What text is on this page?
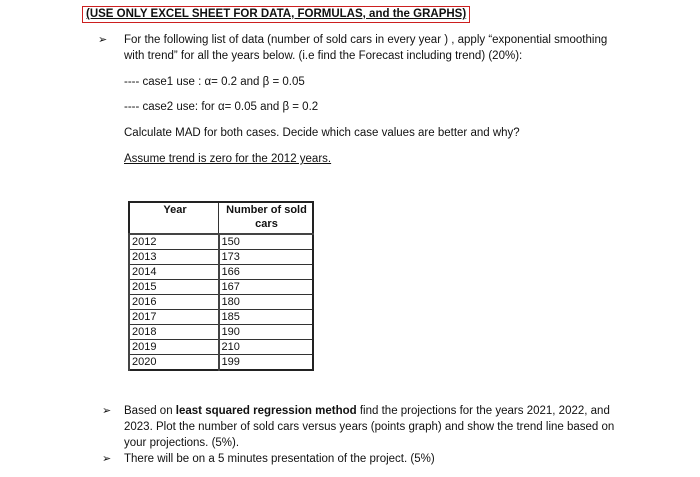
(USE ONLY EXCEL SHEET FOR DATA, FORMULAS, and the GRAPHS)
➢ For the following list of data (number of sold cars in every year ) , apply “exponential smoothing
with trend” for all the years below. (i.e find the Forecast including trend) (20%):
---- case1 use : α= 0.2 and β = 0.05
---- case2 use: for α= 0.05 and β = 0.2
Calculate MAD for both cases. Decide which case values are better and why?
Assume trend is zero for the 2012 years.
Year	Number of sold cars
2012	150
2013	173
2014	166
2015	167
2016	180
2017	185
2018	190
2019	210
2020	199
➢ Based on least squared regression method find the projections for the years 2021, 2022, and
2023. Plot the number of sold cars versus years (points graph) and show the trend line based on
your projections. (5%).
➢ There will be on a 5 minutes presentation of the project. (5%)
